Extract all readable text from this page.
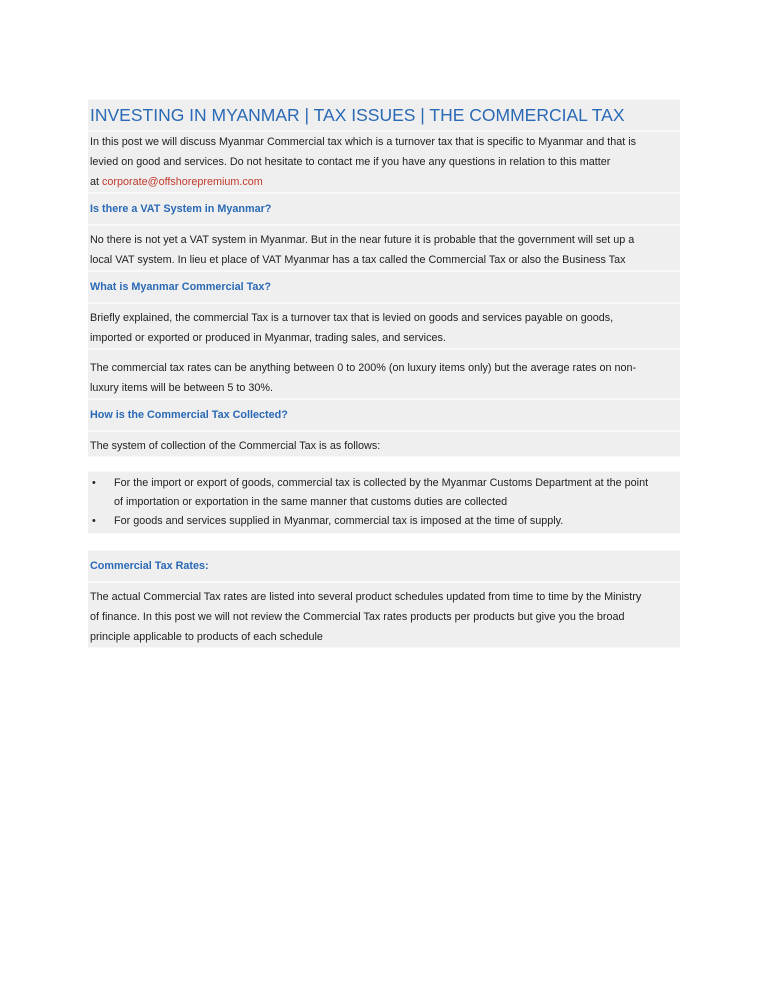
INVESTING IN MYANMAR | TAX ISSUES | THE COMMERCIAL TAX
In this post we will discuss Myanmar Commercial tax which is a turnover tax that is specific to Myanmar and that is
levied on good and services. Do not hesitate to contact me if you have any questions in relation to this matter
at corporate@offshorepremium.com
Is there a VAT System in Myanmar?
No there is not yet a VAT system in Myanmar. But in the near future it is probable that the government will set up a
local VAT system. In lieu et place of VAT Myanmar has a tax called the Commercial Tax or also the Business Tax
What is Myanmar Commercial Tax?
Briefly explained, the commercial Tax is a turnover tax that is levied on goods and services payable on goods,
imported or exported or produced in Myanmar, trading sales, and services.
The commercial tax rates can be anything between 0 to 200% (on luxury items only) but the average rates on non-
luxury items will be between 5 to 30%.
How is the Commercial Tax Collected?
The system of collection of the Commercial Tax is as follows:
• For the import or export of goods, commercial tax is collected by the Myanmar Customs Department at the point
of importation or exportation in the same manner that customs duties are collected
• For goods and services supplied in Myanmar, commercial tax is imposed at the time of supply.
Commercial Tax Rates:
The actual Commercial Tax rates are listed into several product schedules updated from time to time by the Ministry
of finance. In this post we will not review the Commercial Tax rates products per products but give you the broad
principle applicable to products of each schedule
